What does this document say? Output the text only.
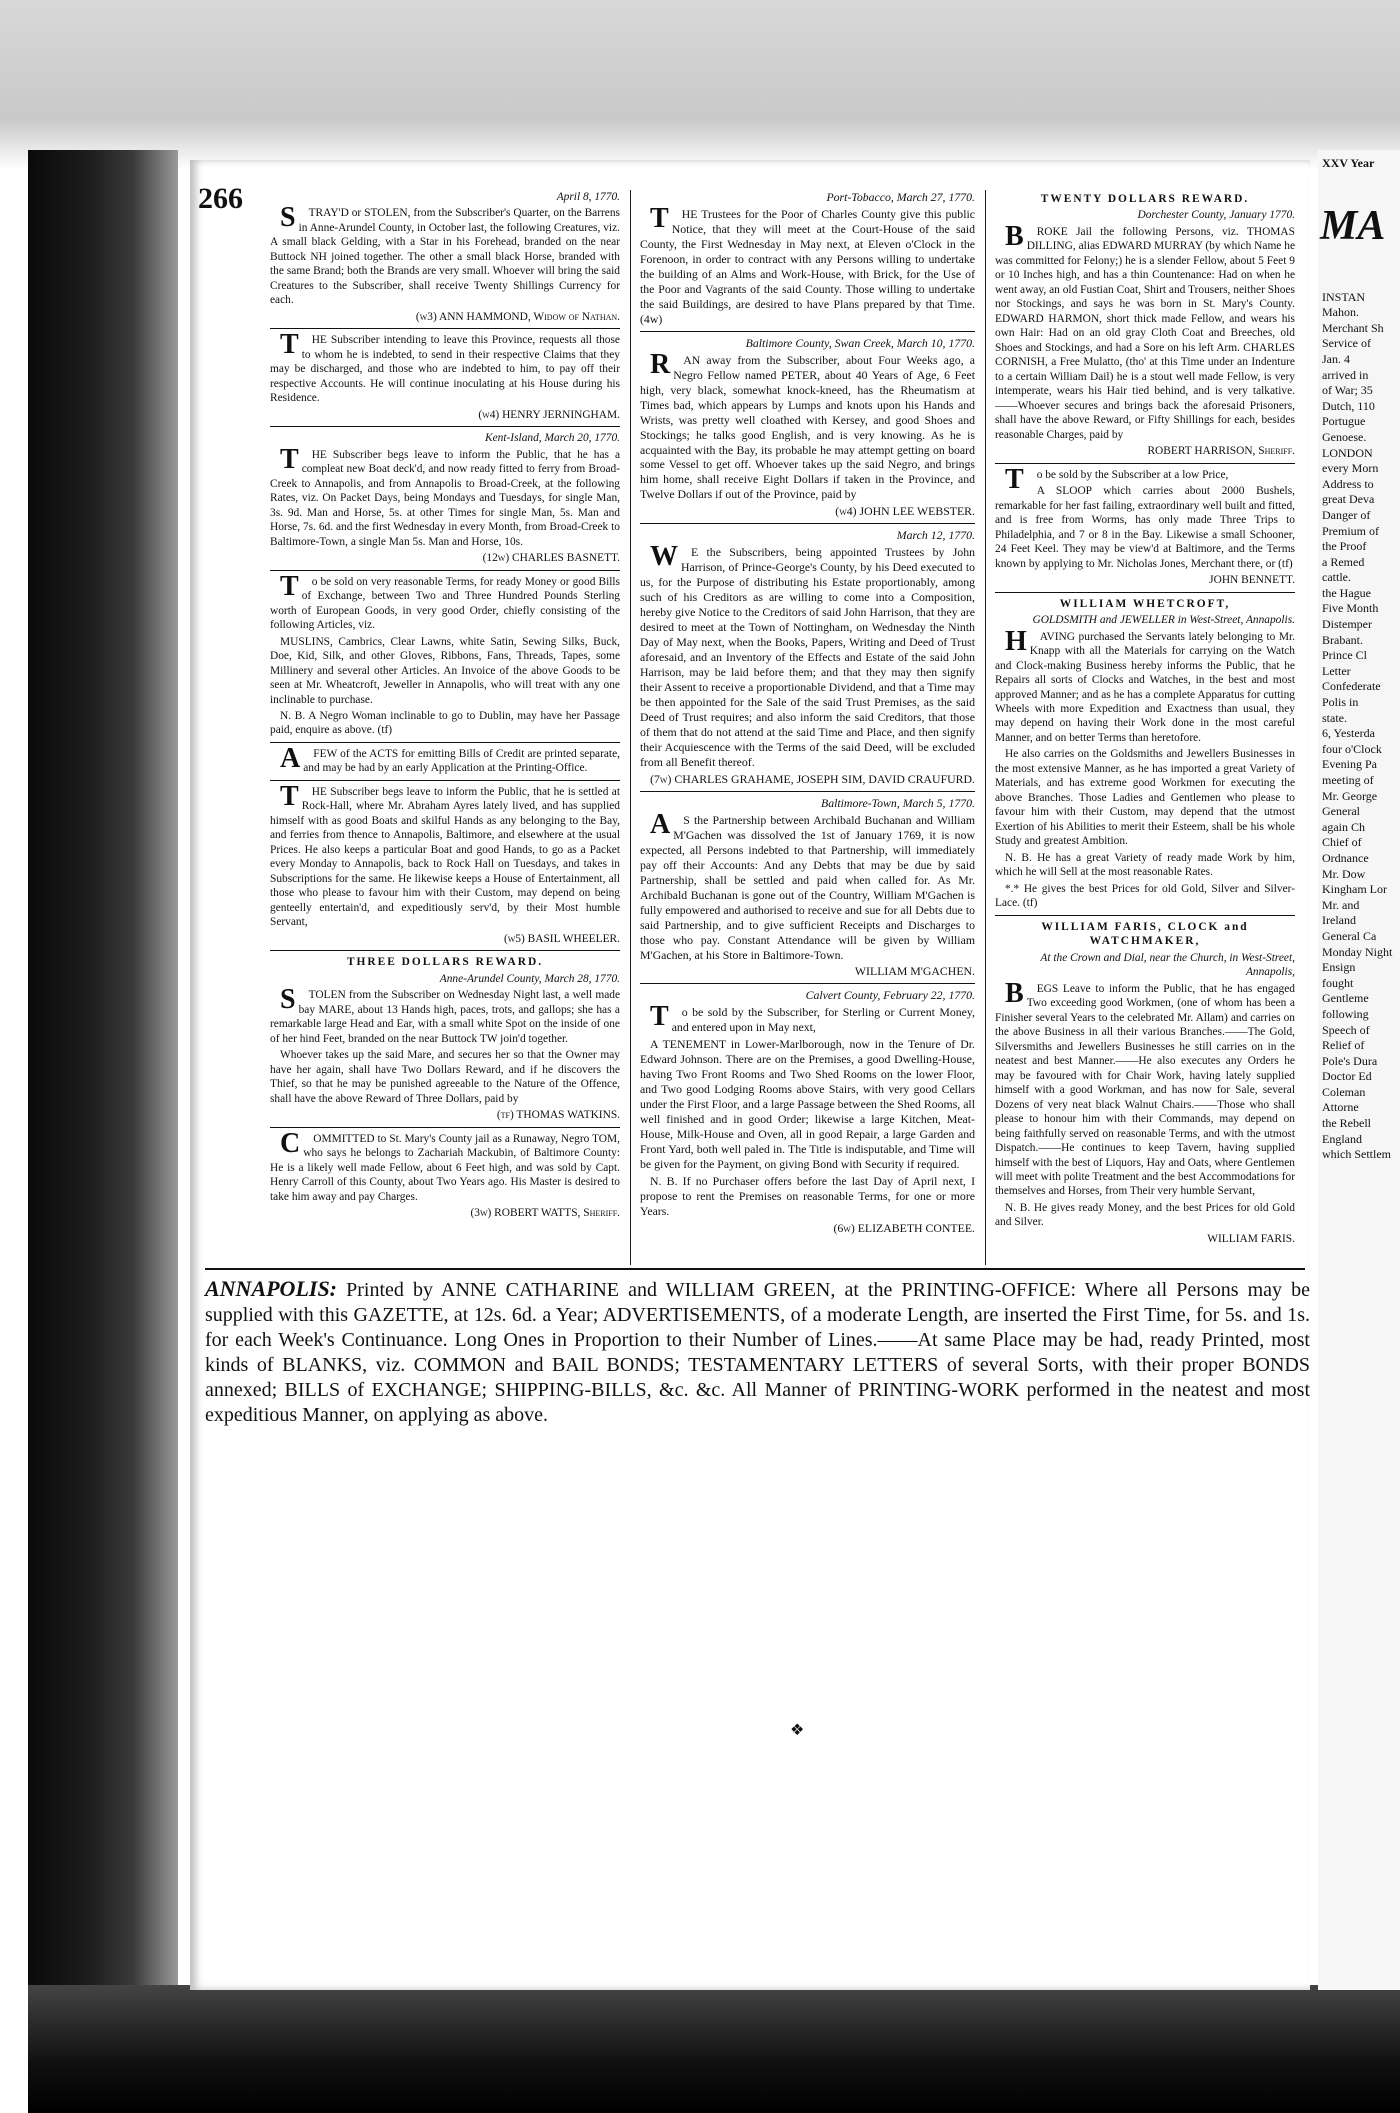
266	April 8, 1770.

STRAY'D or STOLEN, from the Subscriber's Quarter, on the Barrens in Anne-Arundel County, in October last, the following Creatures, viz. A small black Gelding, with a Star in his Forehead, branded on the near Buttock NH joined together. The other a small black Horse, branded with the same Brand; both the Brands are very small. Whoever will bring the said Creatures to the Subscriber, shall receive Twenty Shillings Currency for each.

(w3) ANN HAMMOND, Widow of Nathan.

THE Subscriber intending to leave this Province, requests all those to whom he is indebted, to send in their respective Claims that they may be discharged, and those who are indebted to him, to pay off their respective Accounts. He will continue inoculating at his House during his Residence.

(w4) HENRY JERNINGHAM.

Kent-Island, March 20, 1770.

THE Subscriber begs leave to inform the Public, that he has a compleat new Boat deck'd, and now ready fitted to ferry from Broad-Creek to Annapolis, and from Annapolis to Broad-Creek, at the following Rates, viz. On Packet Days, being Mondays and Tuesdays, for single Man, 3s. 9d. Man and Horse, 5s. at other Times for single Man, 5s. Man and Horse, 7s. 6d. and the first Wednesday in every Month, from Broad-Creek to Baltimore-Town, a single Man 5s. Man and Horse, 10s.

(12w) CHARLES BASNETT.

To be sold on very reasonable Terms, for ready Money or good Bills of Exchange, between Two and Three Hundred Pounds Sterling worth of European Goods, in very good Order, chiefly consisting of the following Articles, viz.

MUSLINS, Cambrics, Clear Lawns, white Satin, Sewing Silks, Buck, Doe, Kid, Silk, and other Gloves, Ribbons, Fans, Threads, Tapes, some Millinery and several other Articles. An Invoice of the above Goods to be seen at Mr. Wheatcroft, Jeweller in Annapolis, who will treat with any one inclinable to purchase.

N. B. A Negro Woman inclinable to go to Dublin, may have her Passage paid, enquire as above. (tf)

AFEW of the ACTS for emitting Bills of Credit are printed separate, and may be had by an early Application at the Printing-Office.

THE Subscriber begs leave to inform the Public, that he is settled at Rock-Hall, where Mr. Abraham Ayres lately lived, and has supplied himself with as good Boats and skilful Hands as any belonging to the Bay, and ferries from thence to Annapolis, Baltimore, and elsewhere at the usual Prices. He also keeps a particular Boat and good Hands, to go as a Packet every Monday to Annapolis, back to Rock Hall on Tuesdays, and takes in Subscriptions for the same. He likewise keeps a House of Entertainment, all those who please to favour him with their Custom, may depend on being genteelly entertain'd, and expeditiously serv'd, by their Most humble Servant,

(w5) BASIL WHEELER.

THREE DOLLARS REWARD.

Anne-Arundel County, March 28, 1770.

STOLEN from the Subscriber on Wednesday Night last, a well made bay MARE, about 13 Hands high, paces, trots, and gallops; she has a remarkable large Head and Ear, with a small white Spot on the inside of one of her hind Feet, branded on the near Buttock TW join'd together.

Whoever takes up the said Mare, and secures her so that the Owner may have her again, shall have Two Dollars Reward, and if he discovers the Thief, so that he may be punished agreeable to the Nature of the Offence, shall have the above Reward of Three Dollars, paid by

(tf) THOMAS WATKINS.

COMMITTED to St. Mary's County jail as a Runaway, Negro TOM, who says he belongs to Zachariah Mackubin, of Baltimore County: He is a likely well made Fellow, about 6 Feet high, and was sold by Capt. Henry Carroll of this County, about Two Years ago. His Master is desired to take him away and pay Charges.

(3w) ROBERT WATTS, Sheriff.

Port-Tobacco, March 27, 1770.

THE Trustees for the Poor of Charles County give this public Notice, that they will meet at the Court-House of the said County, the First Wednesday in May next, at Eleven o'Clock in the Forenoon, in order to contract with any Persons willing to undertake the building of an Alms and Work-House, with Brick, for the Use of the Poor and Vagrants of the said County. Those willing to undertake the said Buildings, are desired to have Plans prepared by that Time. (4w)

Baltimore County, Swan Creek, March 10, 1770.

RAN away from the Subscriber, about Four Weeks ago, a Negro Fellow named PETER, about 40 Years of Age, 6 Feet high, very black, somewhat knock-kneed, has the Rheumatism at Times bad, which appears by Lumps and knots upon his Hands and Wrists, was pretty well cloathed with Kersey, and good Shoes and Stockings; he talks good English, and is very knowing. As he is acquainted with the Bay, its probable he may attempt getting on board some Vessel to get off. Whoever takes up the said Negro, and brings him home, shall receive Eight Dollars if taken in the Province, and Twelve Dollars if out of the Province, paid by

(w4) JOHN LEE WEBSTER.

March 12, 1770.

WE the Subscribers, being appointed Trustees by John Harrison, of Prince-George's County, by his Deed executed to us, for the Purpose of distributing his Estate proportionably, among such of his Creditors as are willing to come into a Composition, hereby give Notice to the Creditors of said John Harrison, that they are desired to meet at the Town of Nottingham, on Wednesday the Ninth Day of May next, when the Books, Papers, Writing and Deed of Trust aforesaid, and an Inventory of the Effects and Estate of the said John Harrison, may be laid before them; and that they may then signify their Assent to receive a proportionable Dividend, and that a Time may be then appointed for the Sale of the said Trust Premises, as the said Deed of Trust requires; and also inform the said Creditors, that those of them that do not attend at the said Time and Place, and then signify their Acquiescence with the Terms of the said Deed, will be excluded from all Benefit thereof.

(7w) CHARLES GRAHAME, JOSEPH SIM, DAVID CRAUFURD.

Baltimore-Town, March 5, 1770.

AS the Partnership between Archibald Buchanan and William M'Gachen was dissolved the 1st of January 1769, it is now expected, all Persons indebted to that Partnership, will immediately pay off their Accounts: And any Debts that may be due by said Partnership, shall be settled and paid when called for. As Mr. Archibald Buchanan is gone out of the Country, William M'Gachen is fully empowered and authorised to receive and sue for all Debts due to said Partnership, and to give sufficient Receipts and Discharges to those who pay. Constant Attendance will be given by William M'Gachen, at his Store in Baltimore-Town.

WILLIAM M'GACHEN.

Calvert County, February 22, 1770.

To be sold by the Subscriber, for Sterling or Current Money, and entered upon in May next,

A TENEMENT in Lower-Marlborough, now in the Tenure of Dr. Edward Johnson. There are on the Premises, a good Dwelling-House, having Two Front Rooms and Two Shed Rooms on the lower Floor, and Two good Lodging Rooms above Stairs, with very good Cellars under the First Floor, and a large Passage between the Shed Rooms, all well finished and in good Order; likewise a large Kitchen, Meat-House, Milk-House and Oven, all in good Repair, a large Garden and Front Yard, both well paled in. The Title is indisputable, and Time will be given for the Payment, on giving Bond with Security if required.

N. B. If no Purchaser offers before the last Day of April next, I propose to rent the Premises on reasonable Terms, for one or more Years.

(6w) ELIZABETH CONTEE.

TWENTY DOLLARS REWARD.

Dorchester County, January 1770.

BROKE Jail the following Persons, viz. THOMAS DILLING, alias EDWARD MURRAY (by which Name he was committed for Felony;) he is a slender Fellow, about 5 Feet 9 or 10 Inches high, and has a thin Countenance: Had on when he went away, an old Fustian Coat, Shirt and Trousers, neither Shoes nor Stockings, and says he was born in St. Mary's County. EDWARD HARMON, short thick made Fellow, and wears his own Hair: Had on an old gray Cloth Coat and Breeches, old Shoes and Stockings, and had a Sore on his left Arm. CHARLES CORNISH, a Free Mulatto, (tho' at this Time under an Indenture to a certain William Dail) he is a stout well made Fellow, is very intemperate, wears his Hair tied behind, and is very talkative.——Whoever secures and brings back the aforesaid Prisoners, shall have the above Reward, or Fifty Shillings for each, besides reasonable Charges, paid by

ROBERT HARRISON, Sheriff.

To be sold by the Subscriber at a low Price,

A SLOOP which carries about 2000 Bushels, remarkable for her fast failing, extraordinary well built and fitted, and is free from Worms, has only made Three Trips to Philadelphia, and 7 or 8 in the Bay. Likewise a small Schooner, 24 Feet Keel. They may be view'd at Baltimore, and the Terms known by applying to Mr. Nicholas Jones, Merchant there, or (tf)

JOHN BENNETT.

WILLIAM WHETCROFT,

GOLDSMITH and JEWELLER in West-Street, Annapolis.

HAVING purchased the Servants lately belonging to Mr. Knapp with all the Materials for carrying on the Watch and Clock-making Business hereby informs the Public, that he Repairs all sorts of Clocks and Watches, in the best and most approved Manner; and as he has a complete Apparatus for cutting Wheels with more Expedition and Exactness than usual, they may depend on having their Work done in the most careful Manner, and on better Terms than heretofore.

He also carries on the Goldsmiths and Jewellers Businesses in the most extensive Manner, as he has imported a great Variety of Materials, and has extreme good Workmen for executing the above Branches. Those Ladies and Gentlemen who please to favour him with their Custom, may depend that the utmost Exertion of his Abilities to merit their Esteem, shall be his whole Study and greatest Ambition.

N. B. He has a great Variety of ready made Work by him, which he will Sell at the most reasonable Rates.

*.* He gives the best Prices for old Gold, Silver and Silver-Lace. (tf)

WILLIAM FARIS, CLOCK and WATCHMAKER,

At the Crown and Dial, near the Church, in West-Street, Annapolis,

BEGS Leave to inform the Public, that he has engaged Two exceeding good Workmen, (one of whom has been a Finisher several Years to the celebrated Mr. Allam) and carries on the above Business in all their various Branches.——The Gold, Silversmiths and Jewellers Businesses he still carries on in the neatest and best Manner.——He also executes any Orders he may be favoured with for Chair Work, having lately supplied himself with a good Workman, and has now for Sale, several Dozens of very neat black Walnut Chairs.——Those who shall please to honour him with their Commands, may depend on being faithfully served on reasonable Terms, and with the utmost Dispatch.——He continues to keep Tavern, having supplied himself with the best of Liquors, Hay and Oats, where Gentlemen will meet with polite Treatment and the best Accommodations for themselves and Horses, from Their very humble Servant,

N. B. He gives ready Money, and the best Prices for old Gold and Silver.

WILLIAM FARIS.

ANNAPOLIS: Printed by ANNE CATHARINE and WILLIAM GREEN, at the PRINTING-OFFICE: Where all Persons may be supplied with this GAZETTE, at 12s. 6d. a Year; ADVERTISEMENTS, of a moderate Length, are inserted the First Time, for 5s. and 1s. for each Week's Continuance. Long Ones in Proportion to their Number of Lines.——At same Place may be had, ready Printed, most kinds of BLANKS, viz. COMMON and BAIL BONDS; TESTAMENTARY LETTERS of several Sorts, with their proper BONDS annexed; BILLS of EXCHANGE; SHIPPING-BILLS, &c. &c. All Manner of PRINTING-WORK performed in the neatest and most expeditious Manner, on applying as above.
❖
XXV Year
MA
INSTAN
Mahon.
Merchant Sh
Service of
Jan. 4
arrived in
of War; 35
Dutch, 110
Portugue
Genoese.
LONDON
every Morn
Address to
great Deva
Danger of
Premium of
the Proof
a Remed
cattle.
the Hague
Five Month
Distemper
Brabant.
Prince Cl
Letter
Confederate
Polis in
state.
6, Yesterda
four o'Clock
Evening Pa
meeting of
Mr. George
General
again Ch
Chief of
Ordnance
Mr. Dow
Kingham Lor
Mr. and
Ireland
General Ca
Monday Night
Ensign
fought
Gentleme
following
Speech of
Relief of
Pole's Dura
Doctor Ed
Coleman
Attorne
the Rebell
England
which Settlem
